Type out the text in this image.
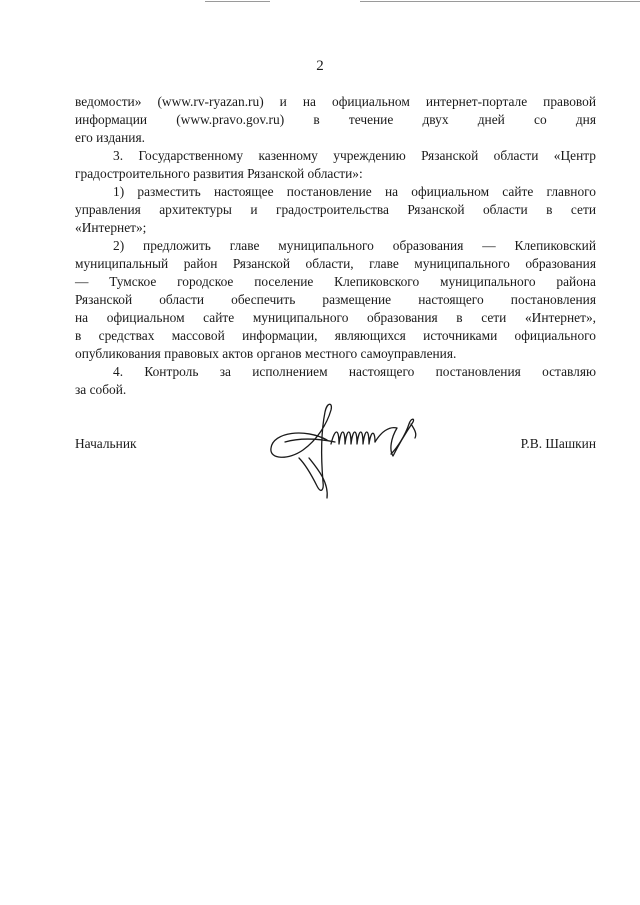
2
ведомости» (www.rv-ryazan.ru) и на официальном интернет-портале правовой
информации (www.pravo.gov.ru) в течение двух дней со дня
его издания.
3. Государственному казенному учреждению Рязанской области «Центр
градостроительного развития Рязанской области»:
1) разместить настоящее постановление на официальном сайте главного
управления архитектуры и градостроительства Рязанской области в сети
«Интернет»;
2) предложить главе муниципального образования — Клепиковский
муниципальный район Рязанской области, главе муниципального образования
— Тумское городское поселение Клепиковского муниципального района
Рязанской области обеспечить размещение настоящего постановления
на официальном сайте муниципального образования в сети «Интернет»,
в средствах массовой информации, являющихся источниками официального
опубликования правовых актов органов местного самоуправления.
4. Контроль за исполнением настоящего постановления оставляю
за собой.
Начальник	Р.В. Шашкин
